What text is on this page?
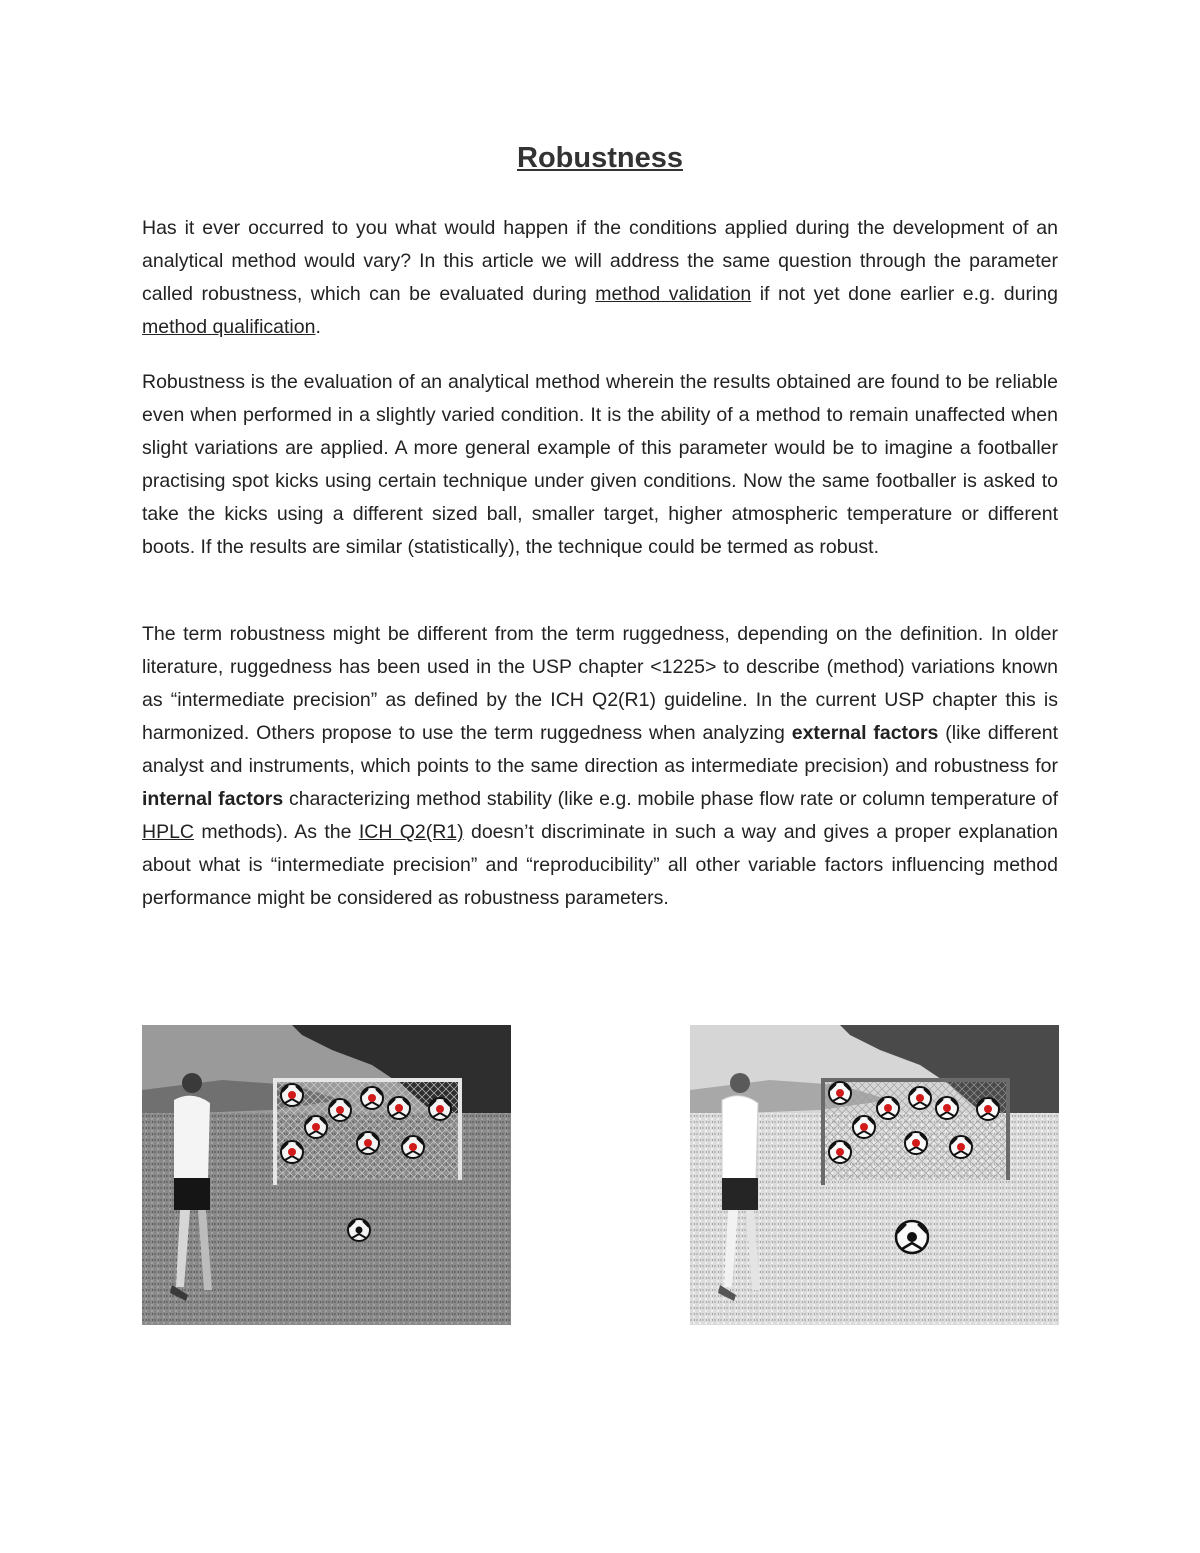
Robustness

Has it ever occurred to you what would happen if the conditions applied during the development of an analytical method would vary? In this article we will address the same question through the parameter called robustness, which can be evaluated during method validation if not yet done earlier e.g. during method qualification.

Robustness is the evaluation of an analytical method wherein the results obtained are found to be reliable even when performed in a slightly varied condition. It is the ability of a method to remain unaffected when slight variations are applied. A more general example of this parameter would be to imagine a footballer practising spot kicks using certain technique under given conditions. Now the same footballer is asked to take the kicks using a different sized ball, smaller target, higher atmospheric temperature or different boots. If the results are similar (statistically), the technique could be termed as robust.

The term robustness might be different from the term ruggedness, depending on the definition. In older literature, ruggedness has been used in the USP chapter <1225> to describe (method) variations known as “intermediate precision” as defined by the ICH Q2(R1) guideline. In the current USP chapter this is harmonized. Others propose to use the term ruggedness when analyzing external factors (like different analyst and instruments, which points to the same direction as intermediate precision) and robustness for internal factors characterizing method stability (like e.g. mobile phase flow rate or column temperature of HPLC methods). As the ICH Q2(R1) doesn’t discriminate in such a way and gives a proper explanation about what is “intermediate precision” and “reproducibility” all other variable factors influencing method performance might be considered as robustness parameters.
